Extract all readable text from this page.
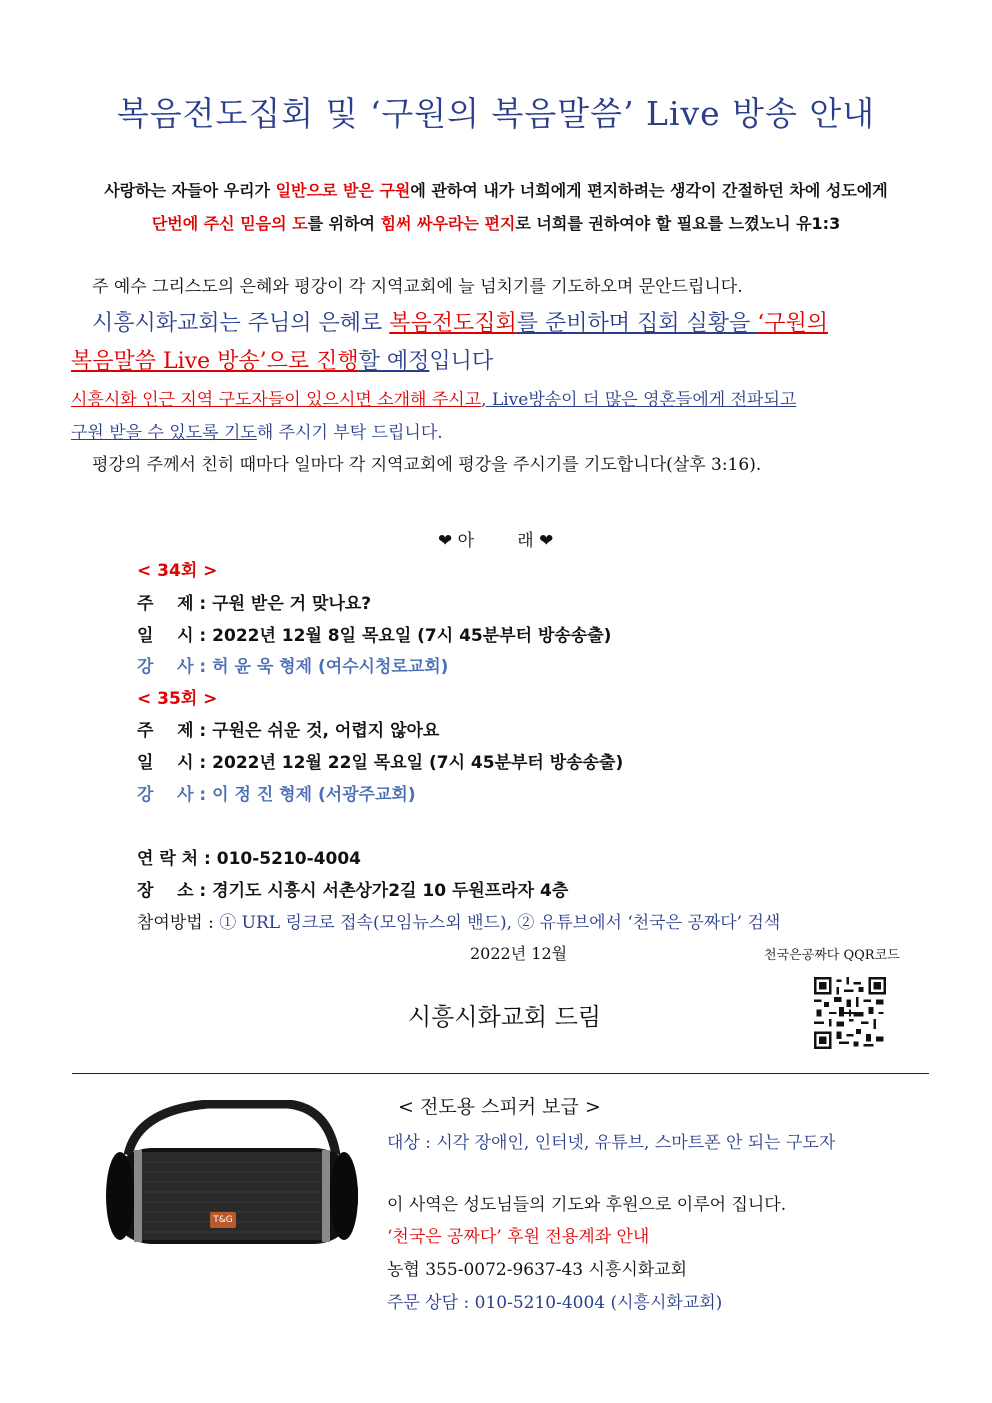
복음전도집회 및 ‘구원의 복음말씀’ Live 방송 안내
사랑하는 자들아 우리가 일반으로 받은 구원에 관하여 내가 너희에게 편지하려는 생각이 간절하던 차에 성도에게
단번에 주신 믿음의 도를 위하여 힘써 싸우라는 편지로 너희를 권하여야 할 필요를 느꼈노니 유1:3
주 예수 그리스도의 은혜와 평강이 각 지역교회에 늘 넘치기를 기도하오며 문안드립니다.
시흥시화교회는 주님의 은혜로 복음전도집회를 준비하며 집회 실황을 ‘구원의
복음말씀 Live 방송’으로 진행할 예정입니다
시흥시화 인근 지역 구도자들이 있으시면 소개해 주시고, Live방송이 더 많은 영혼들에게 전파되고
구원 받을 수 있도록 기도해 주시기 부탁 드립니다.
평강의 주께서 친히 때마다 일마다 각 지역교회에 평강을 주시기를 기도합니다(살후 3:16).
❤ 아        래 ❤
< 34회 >
주    제 : 구원 받은 거 맞나요?
일    시 : 2022년 12월 8일 목요일 (7시 45분부터 방송송출)
강    사 : 허 윤 욱 형제 (여수시청로교회)
< 35회 >
주    제 : 구원은 쉬운 것, 어렵지 않아요
일    시 : 2022년 12월 22일 목요일 (7시 45분부터 방송송출)
강    사 : 이 정 진 형제 (서광주교회)
연 락 처 : 010-5210-4004
장    소 : 경기도 시흥시 서촌상가2길 10 두원프라자 4층
참여방법 : ① URL 링크로 접속(모임뉴스외 밴드), ② 유튜브에서 ‘천국은 공짜다’ 검색
2022년 12월	천국은공짜다 QQR코드
시흥시화교회 드림
T&G
< 전도용 스피커 보급 >
대상 : 시각 장애인, 인터넷, 유튜브, 스마트폰 안 되는 구도자
이 사역은 성도님들의 기도와 후원으로 이루어 집니다.
‘천국은 공짜다’ 후원 전용계좌 안내
농협 355-0072-9637-43 시흥시화교회
주문 상담 : 010-5210-4004 (시흥시화교회)
